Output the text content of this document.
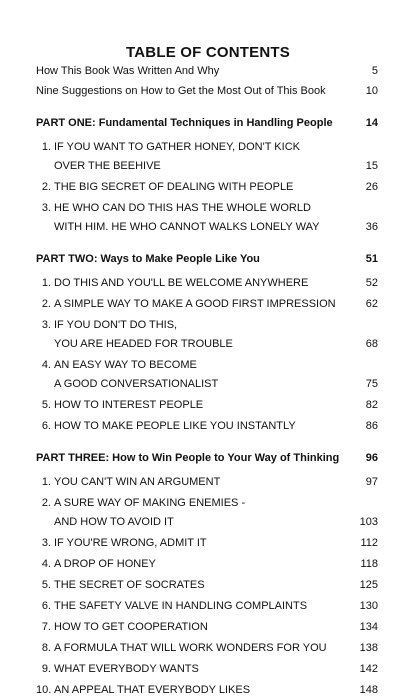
TABLE OF CONTENTS
How This Book Was Written And Why	5
Nine Suggestions on How to Get the Most Out of This Book	10
PART ONE: Fundamental Techniques in Handling People	14
1. IF YOU WANT TO GATHER HONEY, DON'T KICK
OVER THE BEEHIVE	15
2. THE BIG SECRET OF DEALING WITH PEOPLE	26
3. HE WHO CAN DO THIS HAS THE WHOLE WORLD
WITH HIM. HE WHO CANNOT WALKS LONELY WAY	36
PART TWO: Ways to Make People Like You	51
1. DO THIS AND YOU'LL BE WELCOME ANYWHERE	52
2. A SIMPLE WAY TO MAKE A GOOD FIRST IMPRESSION	62
3. IF YOU DON'T DO THIS,
YOU ARE HEADED FOR TROUBLE	68
4. AN EASY WAY TO BECOME
A GOOD CONVERSATIONALIST	75
5. HOW TO INTEREST PEOPLE	82
6. HOW TO MAKE PEOPLE LIKE YOU INSTANTLY	86
PART THREE: How to Win People to Your Way of Thinking	96
1. YOU CAN'T WIN AN ARGUMENT	97
2. A SURE WAY OF MAKING ENEMIES -
AND HOW TO AVOID IT	103
3. IF YOU'RE WRONG, ADMIT IT	112
4. A DROP OF HONEY	118
5. THE SECRET OF SOCRATES	125
6. THE SAFETY VALVE IN HANDLING COMPLAINTS	130
7. HOW TO GET COOPERATION	134
8. A FORMULA THAT WILL WORK WONDERS FOR YOU	138
9. WHAT EVERYBODY WANTS	142
10. AN APPEAL THAT EVERYBODY LIKES	148
